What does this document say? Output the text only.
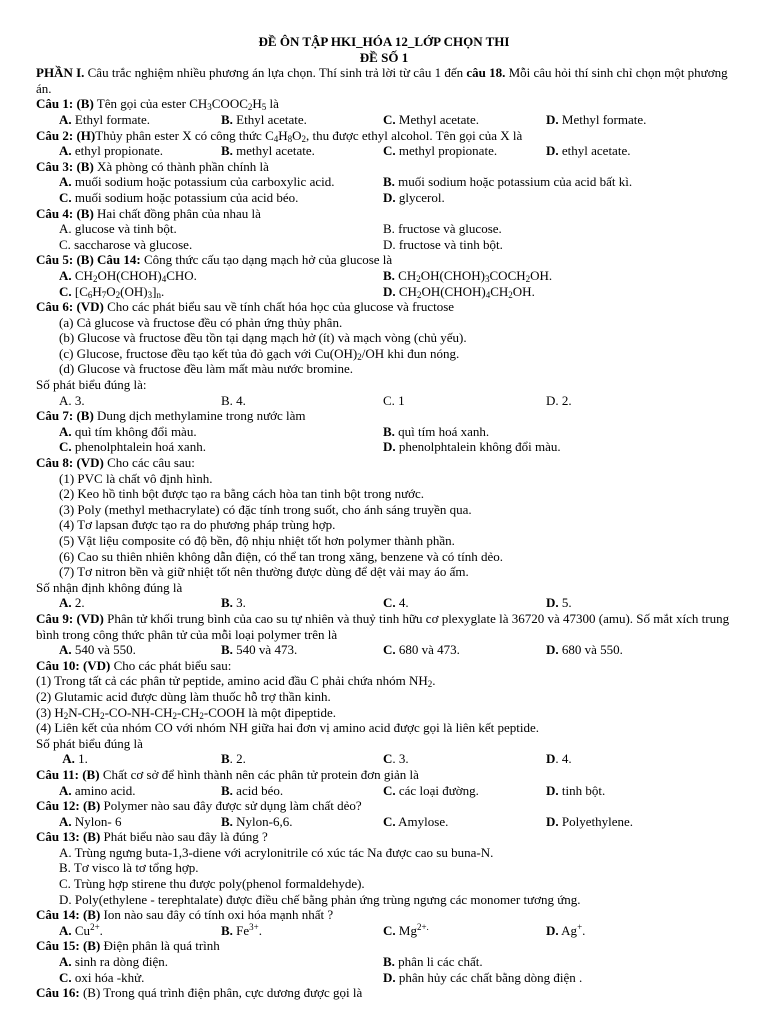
ĐỀ ÔN TẬP HKI_HÓA 12_LỚP CHỌN THI
ĐỀ SỐ 1
PHẦN I. Câu trắc nghiệm nhiều phương án lựa chọn. Thí sinh trả lời từ câu 1 đến câu 18. Mỗi câu hỏi thí sinh chỉ chọn một phương án.
Câu 1: (B) Tên gọi của ester $CH_3COOC_2H_5$ là
A. Ethyl formate.	B. Ethyl acetate.	C. Methyl acetate.	D. Methyl formate.
Câu 2: (H)Thủy phân ester X có công thức $C_4H_8O_2$, thu được ethyl alcohol. Tên gọi của X là
A. ethyl propionate.	B. methyl acetate.	C. methyl propionate.	D. ethyl acetate.
Câu 3: (B) Xà phòng có thành phần chính là
A. muối sodium hoặc potassium của carboxylic acid.	B. muối sodium hoặc potassium của acid bất kì.
C. muối sodium hoặc potassium của acid béo.	D. glycerol.
Câu 4: (B) Hai chất đồng phân của nhau là
A. glucose và tinh bột.	B. fructose và glucose.
C. saccharose và glucose.	D. fructose và tinh bột.
Câu 5: (B) Câu 14: Công thức cấu tạo dạng mạch hở của glucose là
A. $CH_2OH(CHOH)_4CHO$.	B. $CH_2OH(CHOH)_3COCH_2OH$.
C. $[C_6H_7O_2(OH)_3]_n$.	D. $CH_2OH(CHOH)_4CH_2OH$.
Câu 6: (VD) Cho các phát biểu sau về tính chất hóa học của glucose và fructose
(a) Cả glucose và fructose đều có phản ứng thủy phân.
(b) Glucose và fructose đều tồn tại dạng mạch hở (ít) và mạch vòng (chủ yếu).
(c) Glucose, fructose đều tạo kết tủa đỏ gạch với $Cu(OH)_2/OH$ khi đun nóng.
(d) Glucose và fructose đều làm mất màu nước bromine.
Số phát biểu đúng là:
A. 3.	B. 4.	C. 1	D. 2.
Câu 7: (B) Dung dịch methylamine trong nước làm
A. quì tím không đổi màu.	B. quì tím hoá xanh.
C. phenolphtalein hoá xanh.	D. phenolphtalein không đổi màu.
Câu 8: (VD) Cho các câu sau:
(1) PVC là chất vô định hình.
(2) Keo hồ tinh bột được tạo ra bằng cách hòa tan tinh bột trong nước.
(3) Poly (methyl methacrylate) có đặc tính trong suốt, cho ánh sáng truyền qua.
(4) Tơ lapsan được tạo ra do phương pháp trùng hợp.
(5) Vật liệu composite có độ bền, độ nhịu nhiệt tốt hơn polymer thành phần.
(6) Cao su thiên nhiên không dẫn điện, có thể tan trong xăng, benzene và có tính dẻo.
(7) Tơ nitron bền và giữ nhiệt tốt nên thường được dùng để dệt vải may áo ấm.
Số nhận định không đúng là
A. 2.	B. 3.	C. 4.	D. 5.
Câu 9: (VD) Phân tử khối trung bình của cao su tự nhiên và thuỷ tinh hữu cơ plexyglate là 36720 và 47300 (amu). Số mắt xích trung bình trong công thức phân tử của mỗi loại polymer trên là
A. 540 và 550.	B. 540 và 473.	C. 680 và 473.	D. 680 và 550.
Câu 10: (VD) Cho các phát biểu sau:
(1) Trong tất cả các phân tử peptide, amino acid đầu C phải chứa nhóm $NH_2$.
(2) Glutamic acid được dùng làm thuốc hỗ trợ thần kinh.
(3) $H_2N-CH_2-CO-NH-CH_2-CH_2$-COOH là một đipeptide.
(4) Liên kết của nhóm CO với nhóm NH giữa hai đơn vị amino acid được gọi là liên kết peptide.
Số phát biểu đúng là
A. 1.	B. 2.	C. 3.	D. 4.
Câu 11: (B) Chất cơ sở để hình thành nên các phân tử protein đơn giản là
A. amino acid.	B. acid béo.	C. các loại đường.	D. tinh bột.
Câu 12: (B) Polymer nào sau đây được sử dụng làm chất dẻo?
A. Nylon- 6	B. Nylon-6,6.	C. Amylose.	D. Polyethylene.
Câu 13: (B) Phát biểu nào sau đây là đúng ?
A. Trùng ngưng buta-1,3-diene với acrylonitrile có xúc tác Na được cao su buna-N.
B. Tơ visco là tơ tổng hợp.
C. Trùng hợp stirene thu được poly(phenol formaldehyde).
D. Poly(ethylene - terephtalate) được điều chế bằng phản ứng trùng ngưng các monomer tương ứng.
Câu 14: (B) Ion nào sau đây có tính oxi hóa mạnh nhất ?
A. $Cu^{2+}$.	B. $Fe^{3+}$.	C. $Mg^{2+.}$	D. Ag+.
Câu 15: (B) Điện phân là quá trình
A. sinh ra dòng điện.	B. phân li các chất.
C. oxi hóa -khử.	D. phân hủy các chất bằng dòng điện .
Câu 16: (B) Trong quá trình điện phân, cực dương được gọi là
